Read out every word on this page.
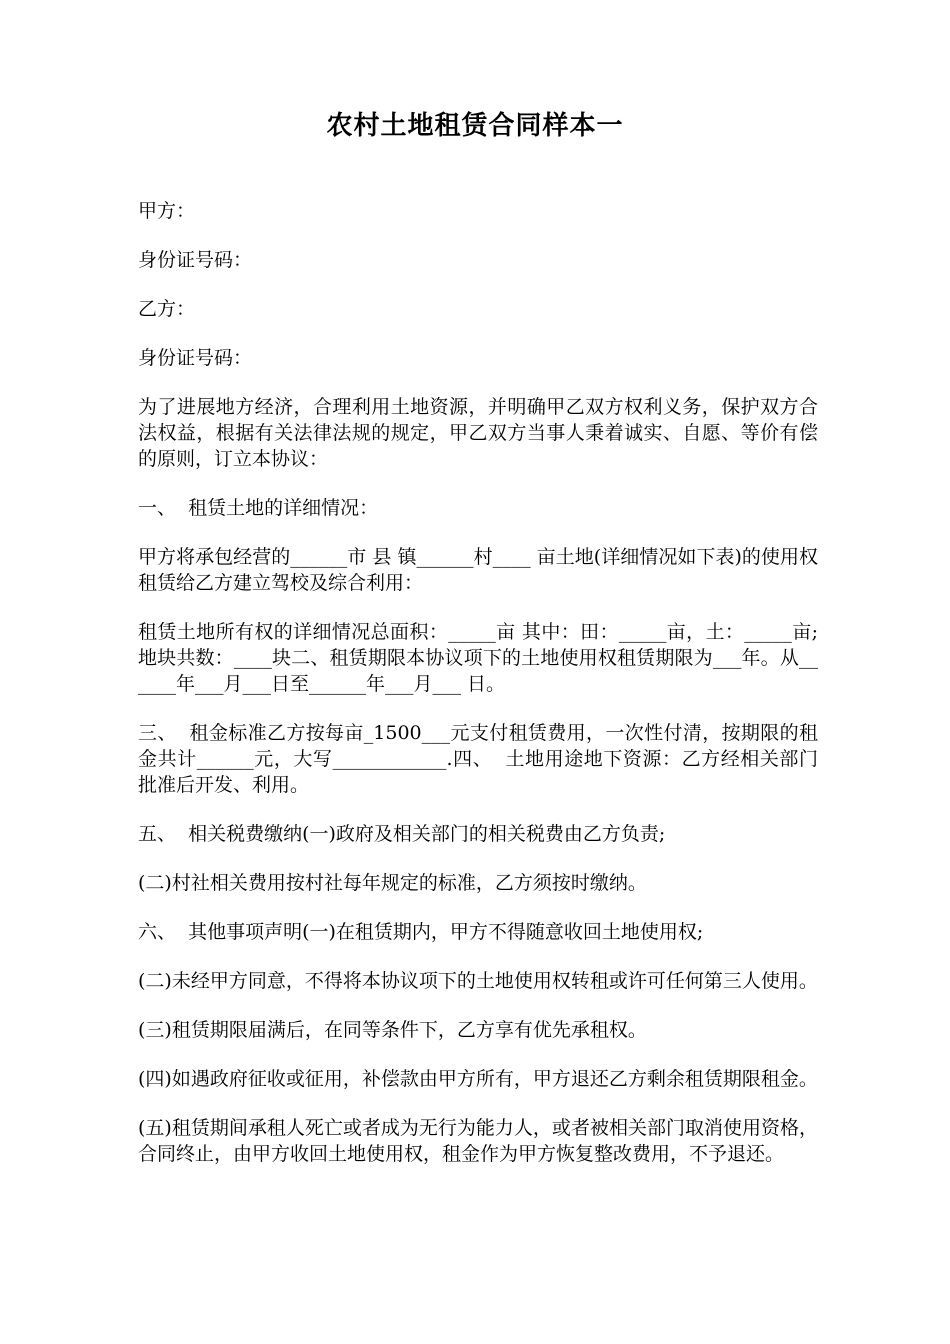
农村土地租赁合同样本一

甲方：

身份证号码：

乙方：

身份证号码：

为了进展地方经济，合理利用土地资源，并明确甲乙双方权利义务，保护双方合法权益，根据有关法律法规的规定，甲乙双方当事人秉着诚实、自愿、等价有偿的原则，订立本协议：

一、  租赁土地的详细情况：

甲方将承包经营的______市 县 镇______村____ 亩土地(详细情况如下表)的使用权租赁给乙方建立驾校及综合利用：

租赁土地所有权的详细情况总面积：_____亩 其中：田：_____亩，土：_____亩;地块共数：____块二、租赁期限本协议项下的土地使用权租赁期限为___年。从______年___月___日至______年___月___ 日。

三、  租金标准乙方按每亩_1500___元支付租赁费用，一次性付清，按期限的租金共计______元，大写____________.四、  土地用途地下资源：乙方经相关部门批准后开发、利用。

五、  相关税费缴纳(一)政府及相关部门的相关税费由乙方负责;

(二)村社相关费用按村社每年规定的标准，乙方须按时缴纳。

六、  其他事项声明(一)在租赁期内，甲方不得随意收回土地使用权;

(二)未经甲方同意，不得将本协议项下的土地使用权转租或许可任何第三人使用。

(三)租赁期限届满后，在同等条件下，乙方享有优先承租权。

(四)如遇政府征收或征用，补偿款由甲方所有，甲方退还乙方剩余租赁期限租金。

(五)租赁期间承租人死亡或者成为无行为能力人，或者被相关部门取消使用资格，合同终止，由甲方收回土地使用权，租金作为甲方恢复整改费用，不予退还。
